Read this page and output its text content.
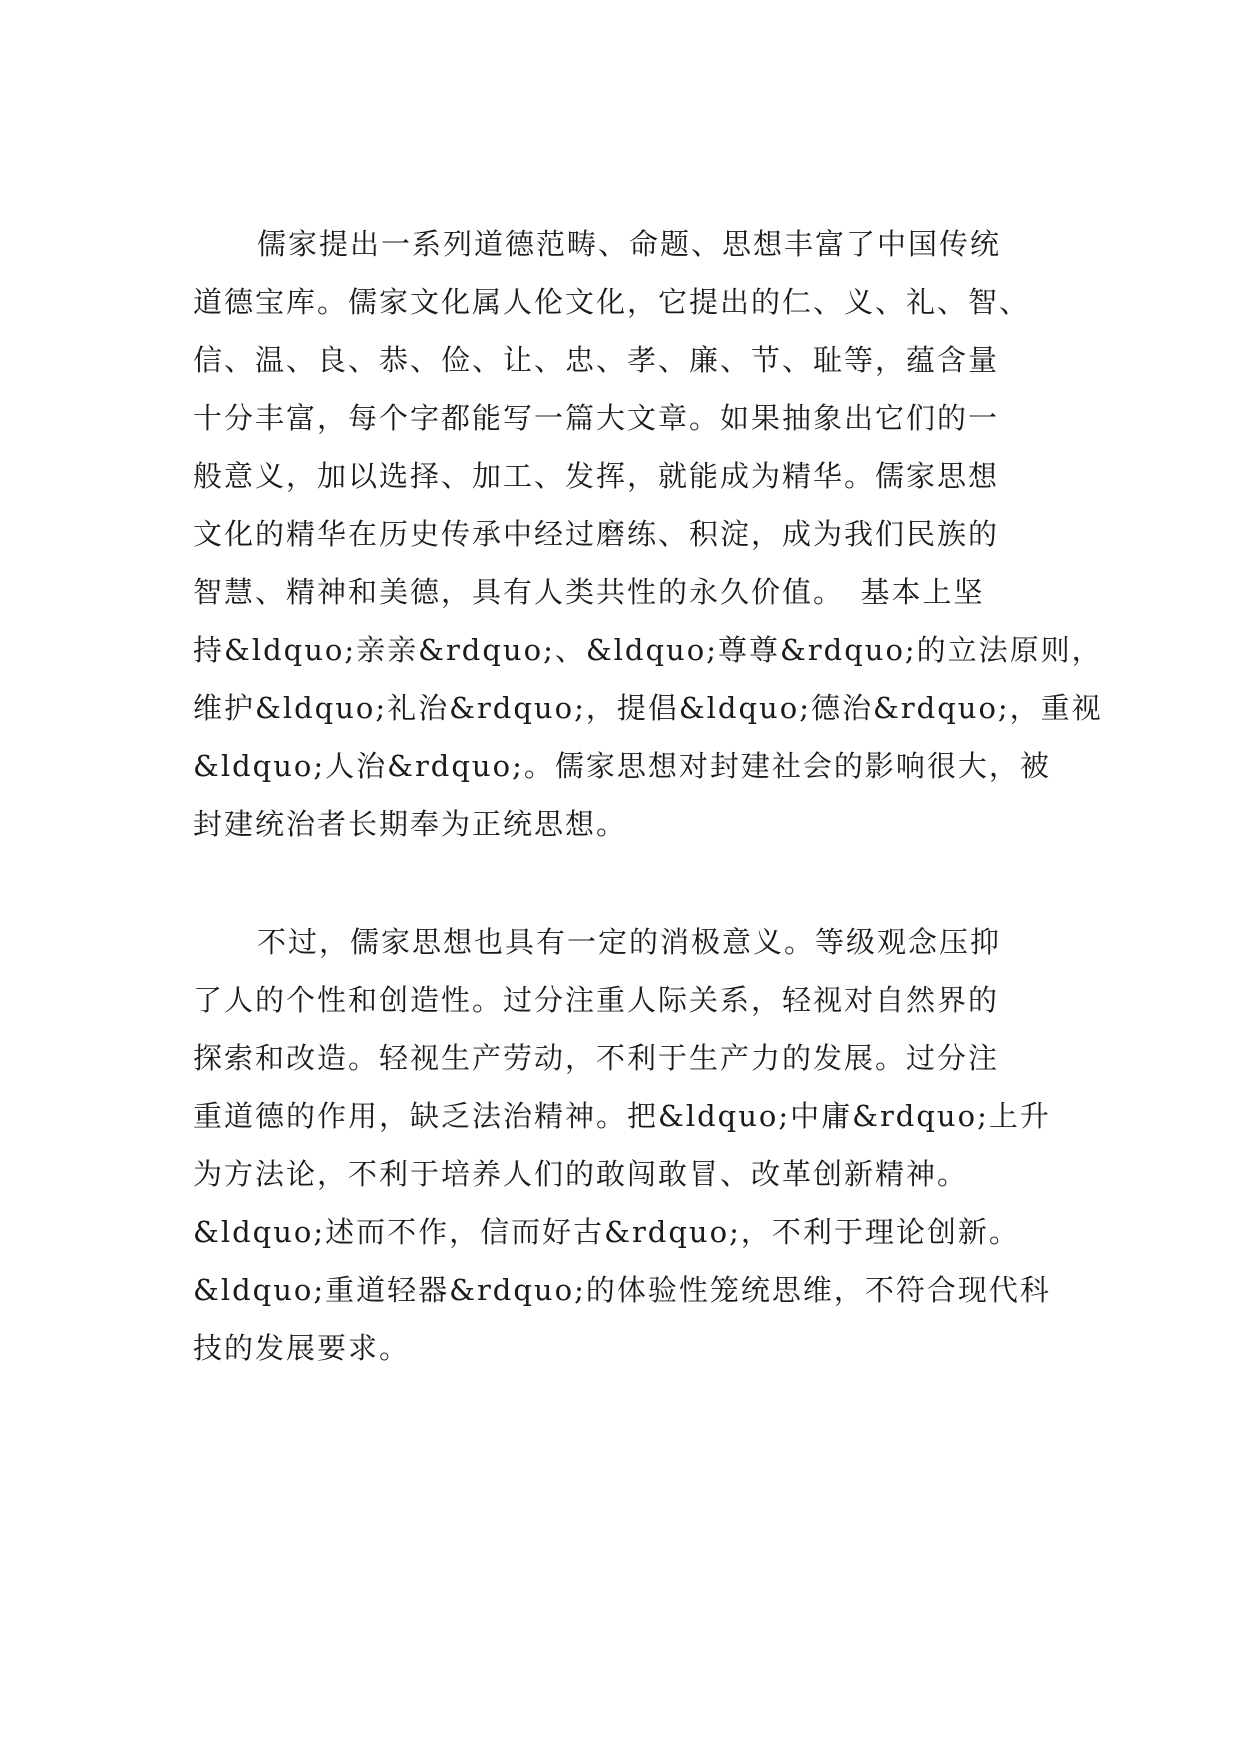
儒家提出一系列道德范畴、命题、思想丰富了中国传统
道德宝库。儒家文化属人伦文化，它提出的仁、义、礼、智、
信、温、良、恭、俭、让、忠、孝、廉、节、耻等，蕴含量
十分丰富，每个字都能写一篇大文章。如果抽象出它们的一
般意义，加以选择、加工、发挥，就能成为精华。儒家思想
文化的精华在历史传承中经过磨练、积淀，成为我们民族的
智慧、精神和美德，具有人类共性的永久价值。　基本上坚
持&ldquo;亲亲&rdquo;、&ldquo;尊尊&rdquo;的立法原则，
维护&ldquo;礼治&rdquo;，提倡&ldquo;德治&rdquo;，重视
&ldquo;人治&rdquo;。儒家思想对封建社会的影响很大，被
封建统治者长期奉为正统思想。
不过，儒家思想也具有一定的消极意义。等级观念压抑
了人的个性和创造性。过分注重人际关系，轻视对自然界的
探索和改造。轻视生产劳动，不利于生产力的发展。过分注
重道德的作用，缺乏法治精神。把&ldquo;中庸&rdquo;上升
为方法论，不利于培养人们的敢闯敢冒、改革创新精神。
&ldquo;述而不作，信而好古&rdquo;，不利于理论创新。
&ldquo;重道轻器&rdquo;的体验性笼统思维，不符合现代科
技的发展要求。
